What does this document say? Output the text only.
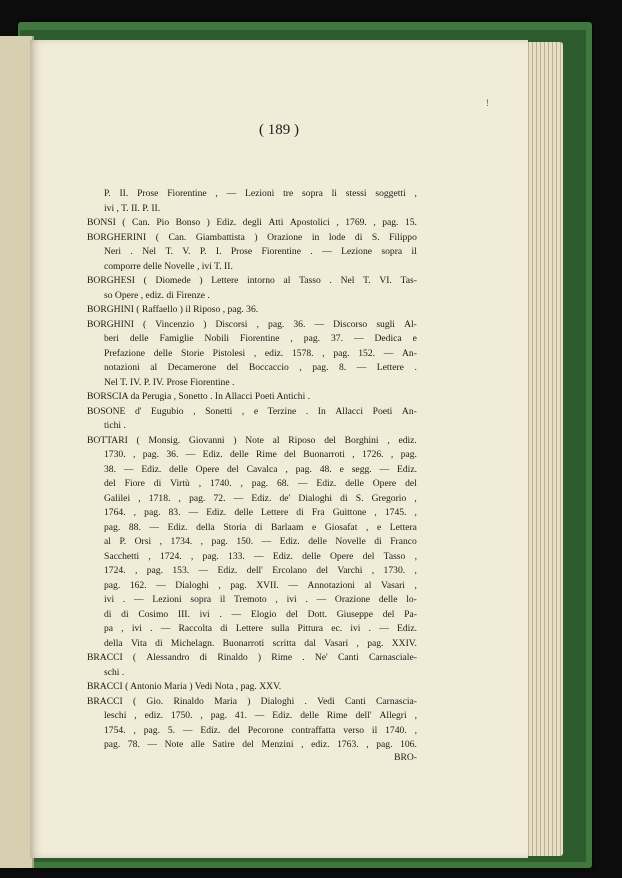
!
( 189 )
P. II. Prose Fiorentine , — Lezioni tre sopra li stessi soggetti ,
ivi , T. II. P. II.
BONSI ( Can. Pio Bonso ) Ediz. degli Atti Apostolici , 1769. , pag. 15.
BORGHERINI ( Can. Giambattista ) Orazione in lode di S. Filippo
Neri . Nel T. V. P. I. Prose Fiorentine . — Lezione sopra il
comporre delle Novelle , ivi T. II.
BORGHESI ( Diomede ) Lettere intorno al Tasso . Nel T. VI. Tas-
so Opere , ediz. di Firenze .
BORGHINI ( Raffaello ) il Riposo , pag. 36.
BORGHINI ( Vincenzio ) Discorsi , pag. 36. — Discorso sugli Al-
beri delle Famiglie Nobili Fiorentine , pag. 37. — Dedica e
Prefazione delle Storie Pistolesi , ediz. 1578. , pag. 152. — An-
notazioni al Decamerone del Boccaccio , pag. 8. — Lettere .
Nel T. IV. P. IV. Prose Fiorentine .
BORSCIA da Perugia , Sonetto . In Allacci Poeti Antichi .
BOSONE d' Eugubio , Sonetti , e Terzine . In Allacci Poeti An-
tichi .
BOTTARI ( Monsig. Giovanni ) Note al Riposo del Borghini , ediz.
1730. , pag. 36. — Ediz. delle Rime del Buonarroti , 1726. , pag.
38. — Ediz. delle Opere del Cavalca , pag. 48. e segg. — Ediz.
del Fiore di Virtù , 1740. , pag. 68. — Ediz. delle Opere del
Galilei , 1718. , pag. 72. — Ediz. de' Dialoghi di S. Gregorio ,
1764. , pag. 83. — Ediz. delle Lettere di Fra Guittone , 1745. ,
pag. 88. — Ediz. della Storia di Barlaam e Giosafat , e Lettera
al P. Orsi , 1734. , pag. 150. — Ediz. delle Novelle di Franco
Sacchetti , 1724. , pag. 133. — Ediz. delle Opere del Tasso ,
1724. , pag. 153. — Ediz. dell' Ercolano del Varchi , 1730. ,
pag. 162. — Dialoghi , pag. XVII. — Annotazioni al Vasari ,
ivi . — Lezioni sopra il Tremoto , ivi . — Orazione delle lo-
di di Cosimo III. ivi . — Elogio del Dott. Giuseppe del Pa-
pa , ivi . — Raccolta di Lettere sulla Pittura ec. ivi . — Ediz.
della Vita di Michelagn. Buonarroti scritta dal Vasari , pag. XXIV.
BRACCI ( Alessandro di Rinaldo ) Rime . Ne' Canti Carnasciale-
schi .
BRACCI ( Antonio Maria ) Vedi Nota , pag. XXV.
BRACCI ( Gio. Rinaldo Maria ) Dialoghi . Vedi Canti Carnascia-
leschi , ediz. 1750. , pag. 41. — Ediz. delle Rime dell' Allegri ,
1754. , pag. 5. — Ediz. del Pecorone contraffatta verso il 1740. ,
pag. 78. — Note alle Satire del Menzini , ediz. 1763. , pag. 106.
BRO-
